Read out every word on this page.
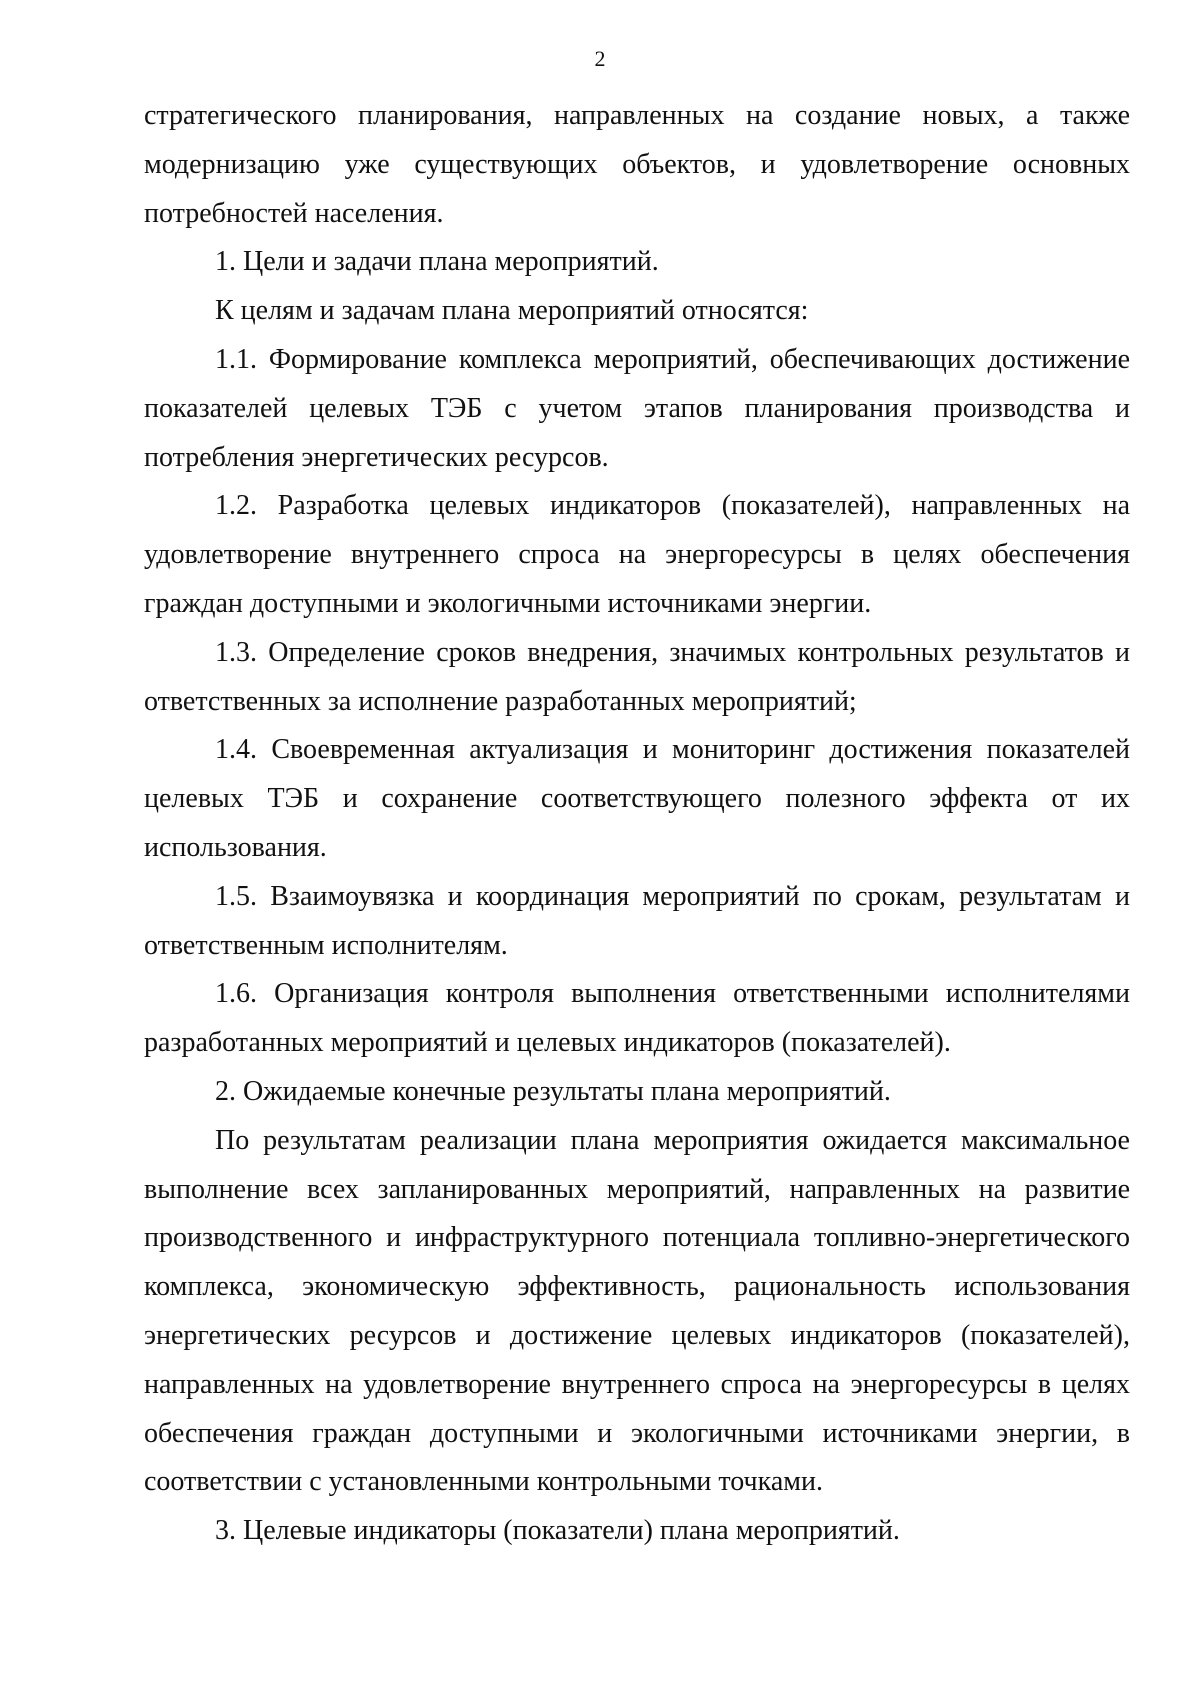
2

стратегического планирования, направленных на создание новых, а также модернизацию уже существующих объектов, и удовлетворение основных потребностей населения.

1. Цели и задачи плана мероприятий.

К целям и задачам плана мероприятий относятся:

1.1. Формирование комплекса мероприятий, обеспечивающих достижение показателей целевых ТЭБ с учетом этапов планирования производства и потребления энергетических ресурсов.

1.2. Разработка целевых индикаторов (показателей), направленных на удовлетворение внутреннего спроса на энергоресурсы в целях обеспечения граждан доступными и экологичными источниками энергии.

1.3. Определение сроков внедрения, значимых контрольных результатов и ответственных за исполнение разработанных мероприятий;

1.4. Своевременная актуализация и мониторинг достижения показателей целевых ТЭБ и сохранение соответствующего полезного эффекта от их использования.

1.5. Взаимоувязка и координация мероприятий по срокам, результатам и ответственным исполнителям.

1.6. Организация контроля выполнения ответственными исполнителями разработанных мероприятий и целевых индикаторов (показателей).

2. Ожидаемые конечные результаты плана мероприятий.

По результатам реализации плана мероприятия ожидается максимальное выполнение всех запланированных мероприятий, направленных на развитие производственного и инфраструктурного потенциала топливно-энергетического комплекса, экономическую эффективность, рациональность использования энергетических ресурсов и достижение целевых индикаторов (показателей), направленных на удовлетворение внутреннего спроса на энергоресурсы в целях обеспечения граждан доступными и экологичными источниками энергии, в соответствии с установленными контрольными точками.

3. Целевые индикаторы (показатели) плана мероприятий.
